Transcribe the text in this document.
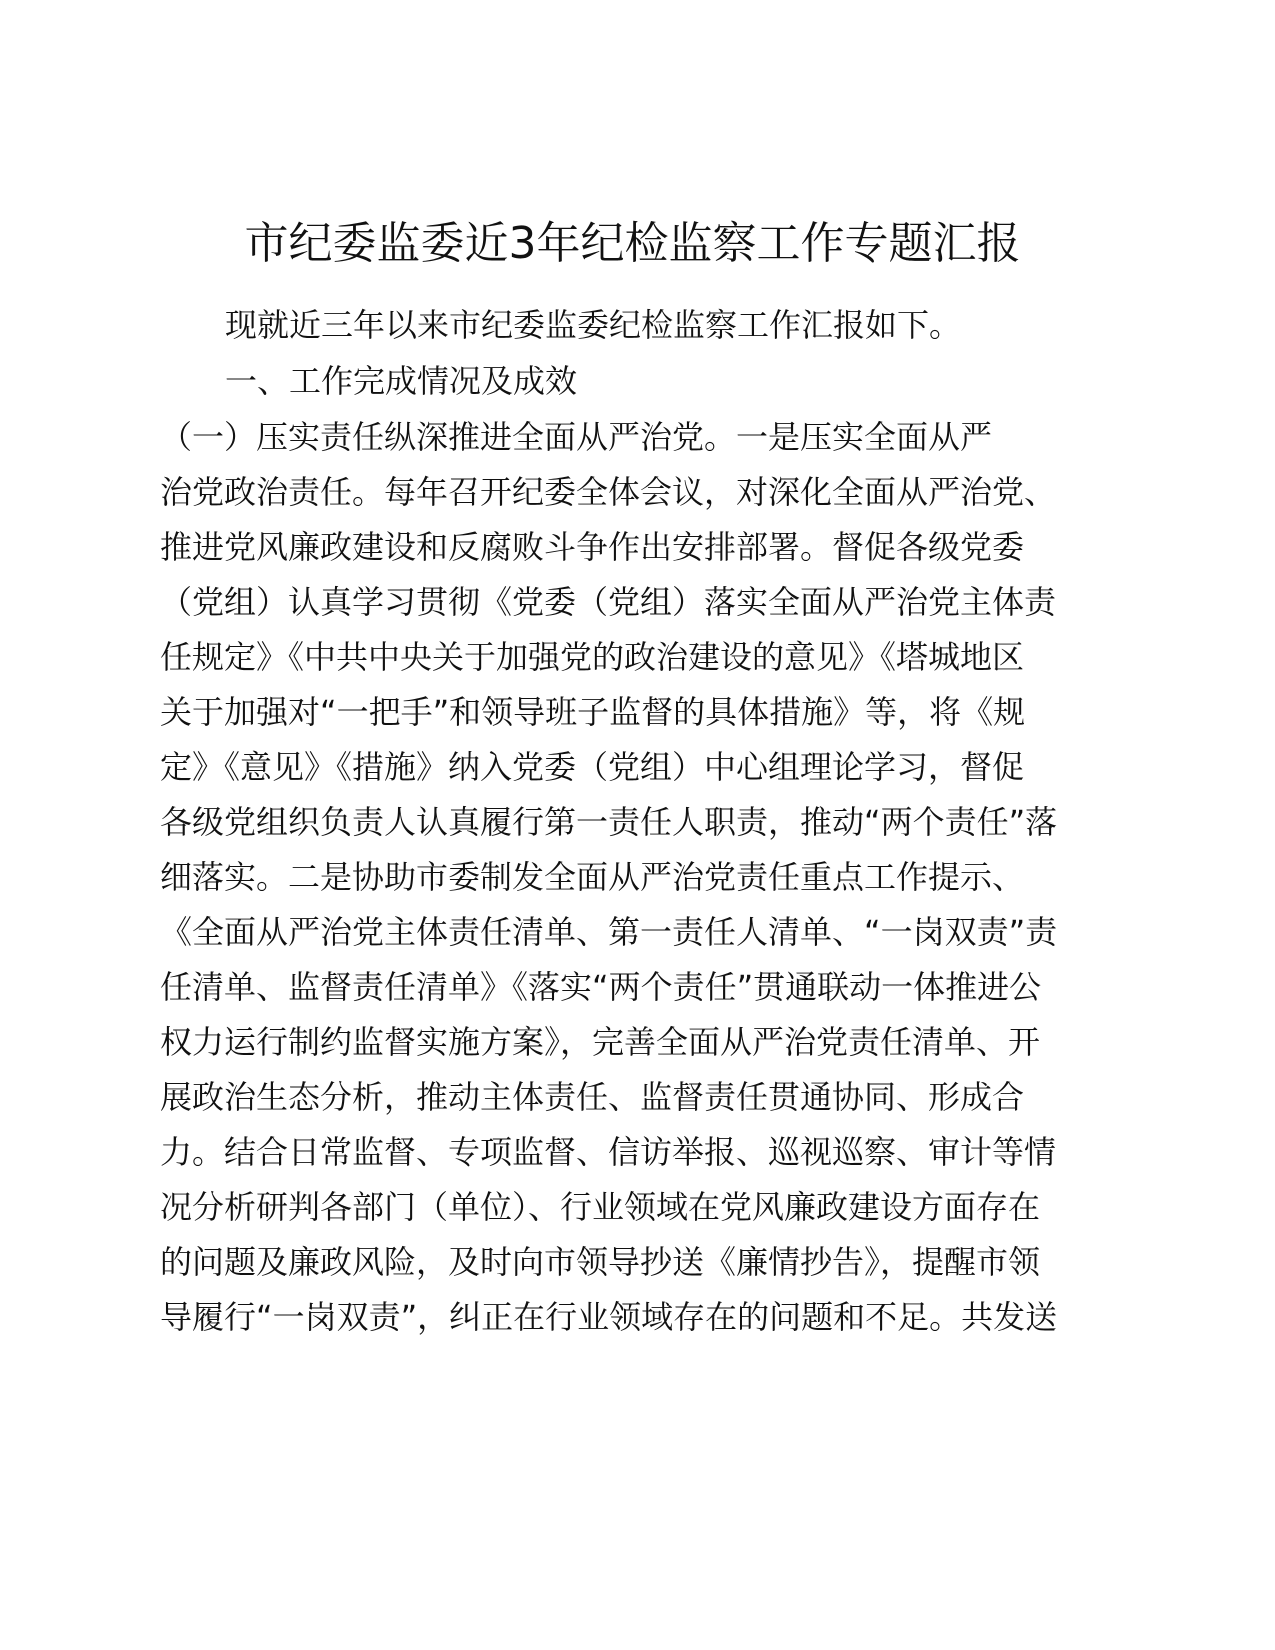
市纪委监委近3年纪检监察工作专题汇报
现就近三年以来市纪委监委纪检监察工作汇报如下。
一、工作完成情况及成效
（一）压实责任纵深推进全面从严治党。一是压实全面从严
治党政治责任。每年召开纪委全体会议，对深化全面从严治党、
推进党风廉政建设和反腐败斗争作出安排部署。督促各级党委
（党组）认真学习贯彻《党委（党组）落实全面从严治党主体责
任规定》《中共中央关于加强党的政治建设的意见》《塔城地区
关于加强对“一把手”和领导班子监督的具体措施》等，将《规
定》《意见》《措施》纳入党委（党组）中心组理论学习，督促
各级党组织负责人认真履行第一责任人职责，推动“两个责任”落
细落实。二是协助市委制发全面从严治党责任重点工作提示、
《全面从严治党主体责任清单、第一责任人清单、“一岗双责”责
任清单、监督责任清单》《落实“两个责任”贯通联动一体推进公
权力运行制约监督实施方案》，完善全面从严治党责任清单、开
展政治生态分析，推动主体责任、监督责任贯通协同、形成合
力。结合日常监督、专项监督、信访举报、巡视巡察、审计等情
况分析研判各部门（单位）、行业领域在党风廉政建设方面存在
的问题及廉政风险，及时向市领导抄送《廉情抄告》，提醒市领
导履行“一岗双责”，纠正在行业领域存在的问题和不足。共发送
